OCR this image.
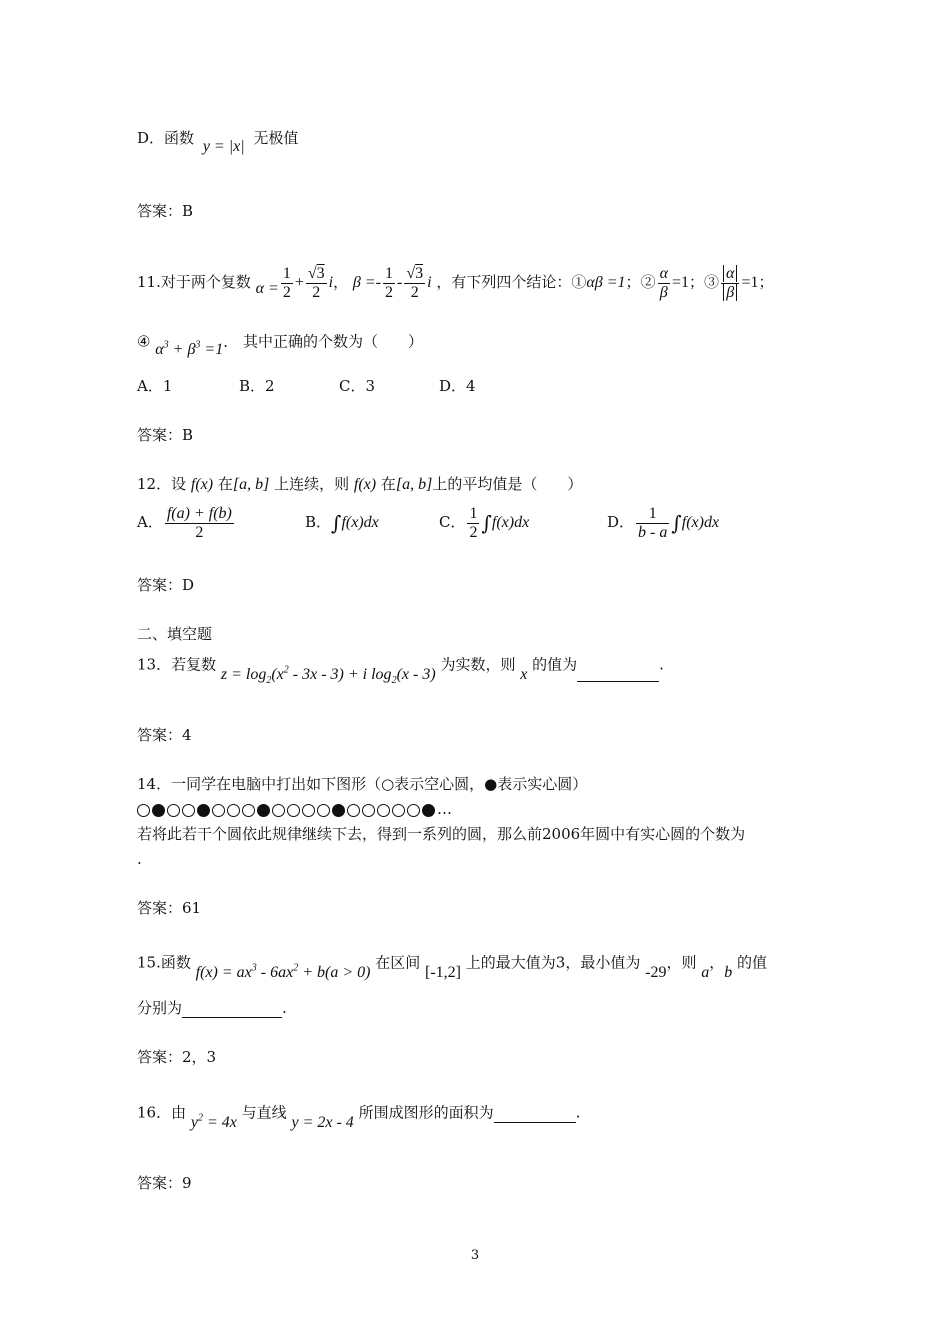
D．函数 y = |x| 无极值
答案：B
11.对于两个复数 $\alpha = \frac{1}{2} + \frac{√3}{2}$ i， $\beta =- \frac{1}{2} - \frac{√3}{2}$ i ，有下列四个结论：①αβ =1；② $\frac{\alpha}{\beta} =1$；③ $\frac{\alpha}{\beta} =1$；
④ $\alpha^3 + \beta^3 =1$． 其中正确的个数为（　　）
A．1	B．2	C．3	D．4
答案：B
12．设 f(x) 在[a, b] 上连续，则 f(x) 在[a, b]上的平均值是（　　）
A． $\frac{f(a) + f(b)}{2}$	B．∫f(x)dx	C． $\frac{1}{2} \int f(x)dx$	D． $\frac{1}{b - a} \int f(x)dx$
答案：D
二、填空题
13．若复数 $z = \log_2(x^2 - 3x - 3) + i$ $\log_2(x - 3)$ 为实数，则 x 的值为	.
答案：4
14．一同学在电脑中打出如下图形（○表示空心圆，●表示实心圆）
…
若将此若干个圆依此规律继续下去，得到一系列的圆，那么前2006年圆中有实心圆的个数为
.
答案：61
15.函数 $f(x) = ax^3 - 6ax^2 + b(a > 0)$ 在区间 [-1,2] 上的最大值为3，最小值为 -29，则 a，b 的值
分别为	.
答案：2，3
16．由 $y^2 = 4x$ 与直线 y = 2x - 4 所围成图形的面积为	.
答案：9
3
